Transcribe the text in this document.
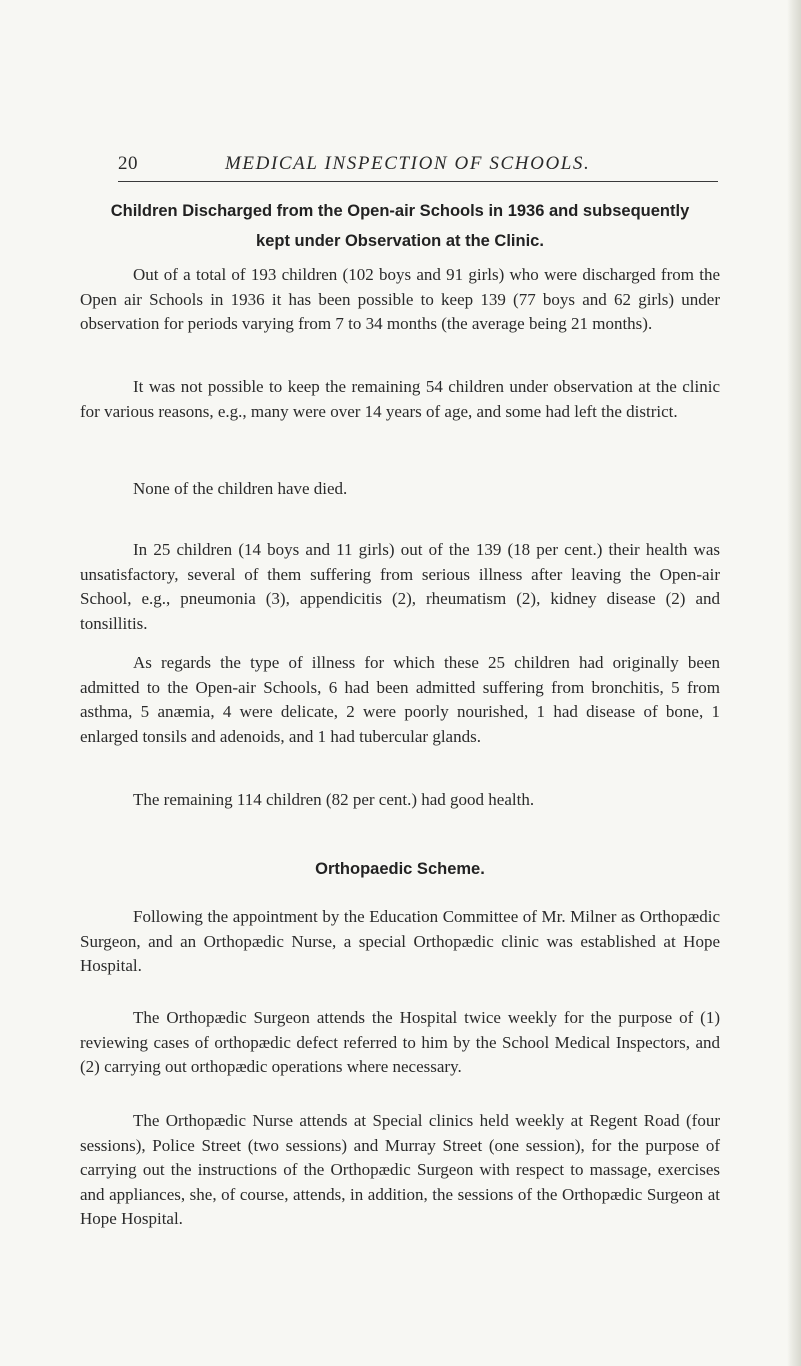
20	MEDICAL INSPECTION OF SCHOOLS.
Children Discharged from the Open-air Schools in 1936 and subsequently
kept under Observation at the Clinic.

Out of a total of 193 children (102 boys and 91 girls) who were discharged from the Open air Schools in 1936 it has been possible to keep 139 (77 boys and 62 girls) under observation for periods varying from 7 to 34 months (the average being 21 months).

It was not possible to keep the remaining 54 children under observation at the clinic for various reasons, e.g., many were over 14 years of age, and some had left the district.

None of the children have died.

In 25 children (14 boys and 11 girls) out of the 139 (18 per cent.) their health was unsatisfactory, several of them suffering from serious illness after leaving the Open-air School, e.g., pneumonia (3), appendicitis (2), rheumatism (2), kidney disease (2) and tonsillitis.

As regards the type of illness for which these 25 children had originally been admitted to the Open-air Schools, 6 had been admitted suffering from bronchitis, 5 from asthma, 5 anæmia, 4 were delicate, 2 were poorly nourished, 1 had disease of bone, 1 enlarged tonsils and adenoids, and 1 had tubercular glands.

The remaining 114 children (82 per cent.) had good health.

Orthopaedic Scheme.

Following the appointment by the Education Committee of Mr. Milner as Orthopædic Surgeon, and an Orthopædic Nurse, a special Orthopædic clinic was established at Hope Hospital.

The Orthopædic Surgeon attends the Hospital twice weekly for the purpose of (1) reviewing cases of orthopædic defect referred to him by the School Medical Inspectors, and (2) carrying out orthopædic operations where necessary.

The Orthopædic Nurse attends at Special clinics held weekly at Regent Road (four sessions), Police Street (two sessions) and Murray Street (one session), for the purpose of carrying out the instructions of the Orthopædic Surgeon with respect to massage, exercises and appliances, she, of course, attends, in addition, the sessions of the Orthopædic Surgeon at Hope Hospital.
